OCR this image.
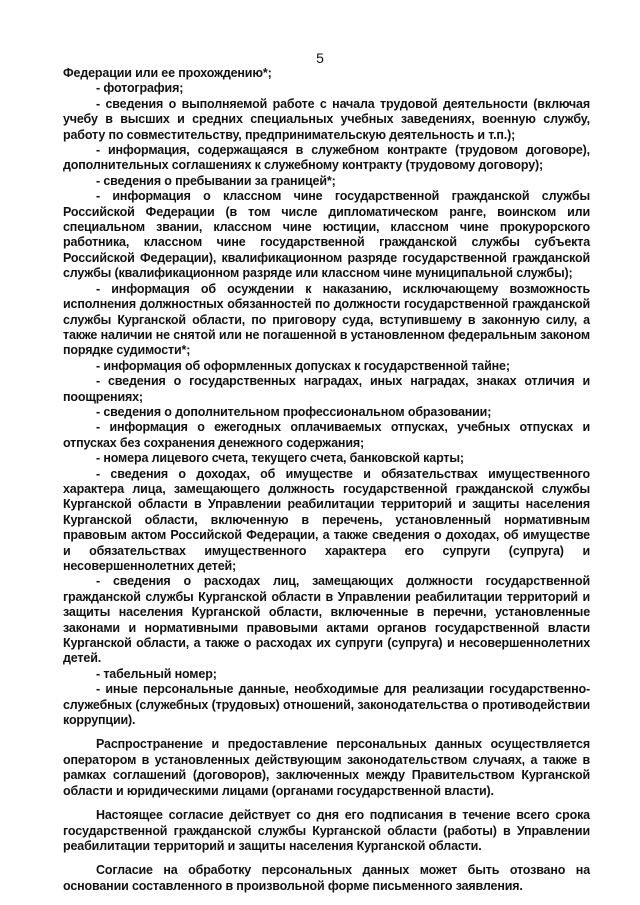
5

Федерации или ее прохождению*;

- фотография;

- сведения о выполняемой работе с начала трудовой деятельности (включая учебу в высших и средних специальных учебных заведениях, военную службу, работу по совместительству, предпринимательскую деятельность и т.п.);

- информация, содержащаяся в служебном контракте (трудовом договоре), дополнительных соглашениях к служебному контракту (трудовому договору);

- сведения о пребывании за границей*;

- информация о классном чине государственной гражданской службы Российской Федерации (в том числе дипломатическом ранге, воинском или специальном звании, классном чине юстиции, классном чине прокурорского работника, классном чине государственной гражданской службы субъекта Российской Федерации), квалификационном разряде государственной гражданской службы (квалификационном разряде или классном чине муниципальной службы);

- информация об осуждении к наказанию, исключающему возможность исполнения должностных обязанностей по должности государственной гражданской службы Курганской области, по приговору суда, вступившему в законную силу, а также наличии не снятой или не погашенной в установленном федеральным законом порядке судимости*;

- информация об оформленных допусках к государственной тайне;

- сведения о государственных наградах, иных наградах, знаках отличия и поощрениях;

- сведения о дополнительном профессиональном образовании;

- информация о ежегодных оплачиваемых отпусках, учебных отпусках и отпусках без сохранения денежного содержания;

- номера лицевого счета, текущего счета, банковской карты;

- сведения о доходах, об имуществе и обязательствах имущественного характера лица, замещающего должность государственной гражданской службы Курганской области в Управлении реабилитации территорий и защиты населения Курганской области, включенную в перечень, установленный нормативным правовым актом Российской Федерации, а также сведения о доходах, об имуществе и обязательствах имущественного характера его супруги (супруга) и несовершеннолетних детей;

- сведения о расходах лиц, замещающих должности государственной гражданской службы Курганской области в Управлении реабилитации территорий и защиты населения Курганской области, включенные в перечни, установленные законами и нормативными правовыми актами органов государственной власти Курганской области, а также о расходах их супруги (супруга) и несовершеннолетних детей.

- табельный номер;

- иные персональные данные, необходимые для реализации государственно-служебных (служебных (трудовых) отношений, законодательства о противодействии коррупции).

Распространение и предоставление персональных данных осуществляется оператором в установленных действующим законодательством случаях, а также в рамках соглашений (договоров), заключенных между Правительством Курганской области и юридическими лицами (органами государственной власти).

Настоящее согласие действует со дня его подписания в течение всего срока государственной гражданской службы Курганской области (работы) в Управлении реабилитации территорий и защиты населения Курганской области.

Согласие на обработку персональных данных может быть отозвано на основании составленного в произвольной форме письменного заявления.
